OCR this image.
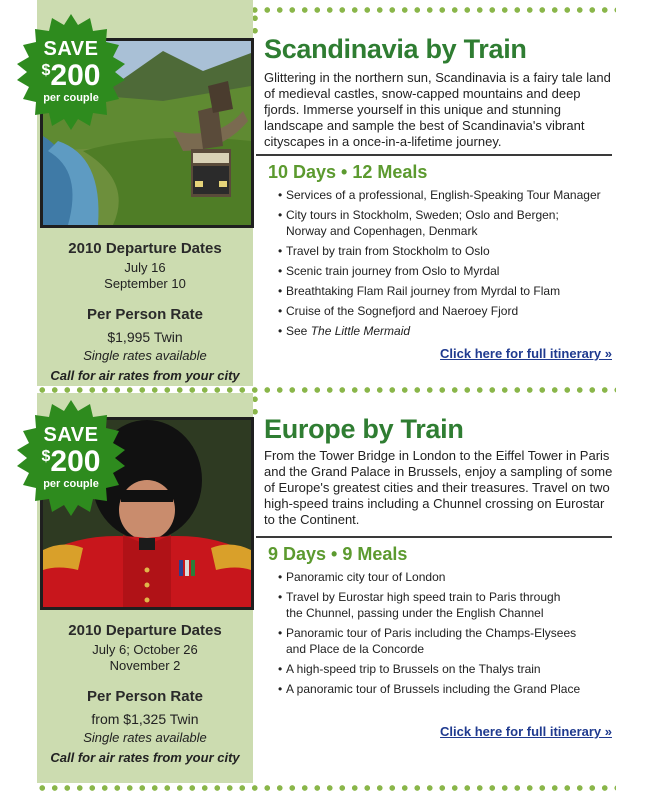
SAVE
$200
per couple
2010 Departure Dates
July 16
September 10
Per Person Rate
$1,995 Twin
Single rates available
Call for air rates from your city
Scandinavia by Train

Glittering in the northern sun, Scandinavia is a fairy tale land of medieval castles, snow-capped mountains and deep fjords. Immerse yourself in this unique and stunning landscape and sample the best of Scandinavia's vibrant cityscapes in a once-in-a-lifetime journey.

10 Days • 12 Meals
• Services of a professional, English-Speaking Tour Manager
• City tours in Stockholm, Sweden; Oslo and Bergen; Norway and Copenhagen, Denmark
• Travel by train from Stockholm to Oslo
• Scenic train journey from Oslo to Myrdal
• Breathtaking Flam Rail journey from Myrdal to Flam
• Cruise of the Sognefjord and Naeroey Fjord
• See The Little Mermaid
Click here for full itinerary »
SAVE
$200
per couple
2010 Departure Dates
July 6; October 26
November 2
Per Person Rate
from $1,325 Twin
Single rates available
Call for air rates from your city
Europe by Train

From the Tower Bridge in London to the Eiffel Tower in Paris and the Grand Palace in Brussels, enjoy a sampling of some of Europe's greatest cities and their treasures. Travel on two high-speed trains including a Chunnel crossing on Eurostar to the Continent.

9 Days • 9 Meals
• Panoramic city tour of London
• Travel by Eurostar high speed train to Paris through the Chunnel, passing under the English Channel
• Panoramic tour of Paris including the Champs-Elysees and Place de la Concorde
• A high-speed trip to Brussels on the Thalys train
• A panoramic tour of Brussels including the Grand Place
Click here for full itinerary »
